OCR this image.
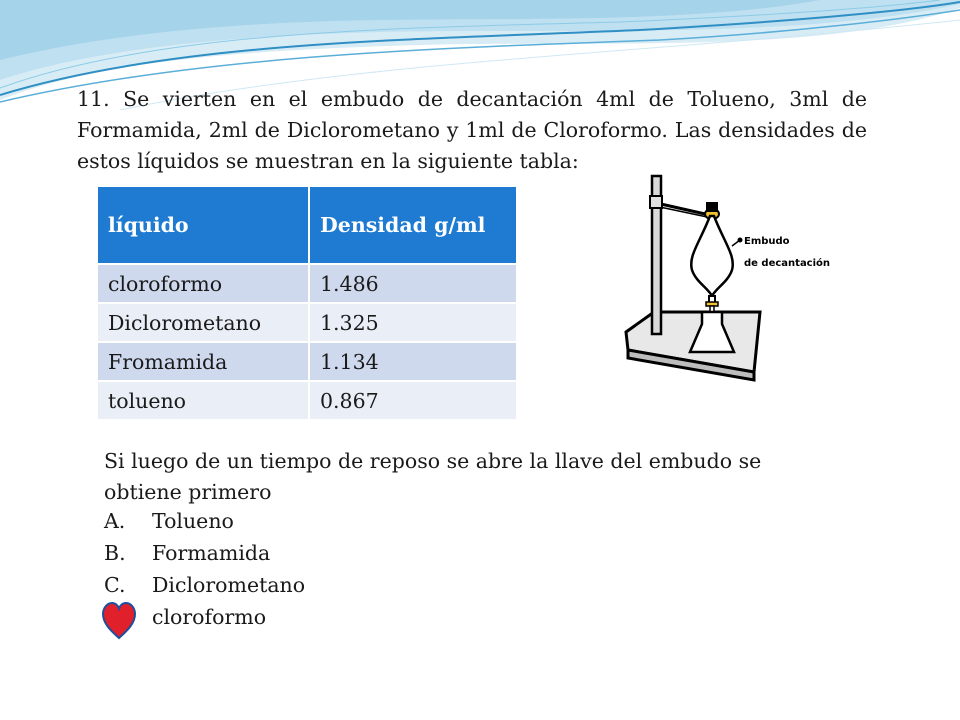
11. Se vierten en el embudo de decantación 4ml de Tolueno, 3ml de Formamida, 2ml de Diclorometano y 1ml de Cloroformo. Las densidades de estos líquidos se muestran en la siguiente tabla:

líquido	Densidad g/ml
cloroformo	1.486
Diclorometano	1.325
Fromamida	1.134
tolueno	0.867
Embudo
de decantación

Si luego de un tiempo de reposo se abre la llave del embudo se obtiene primero

A. Tolueno
B. Formamida
C. Diclorometano
cloroformo
